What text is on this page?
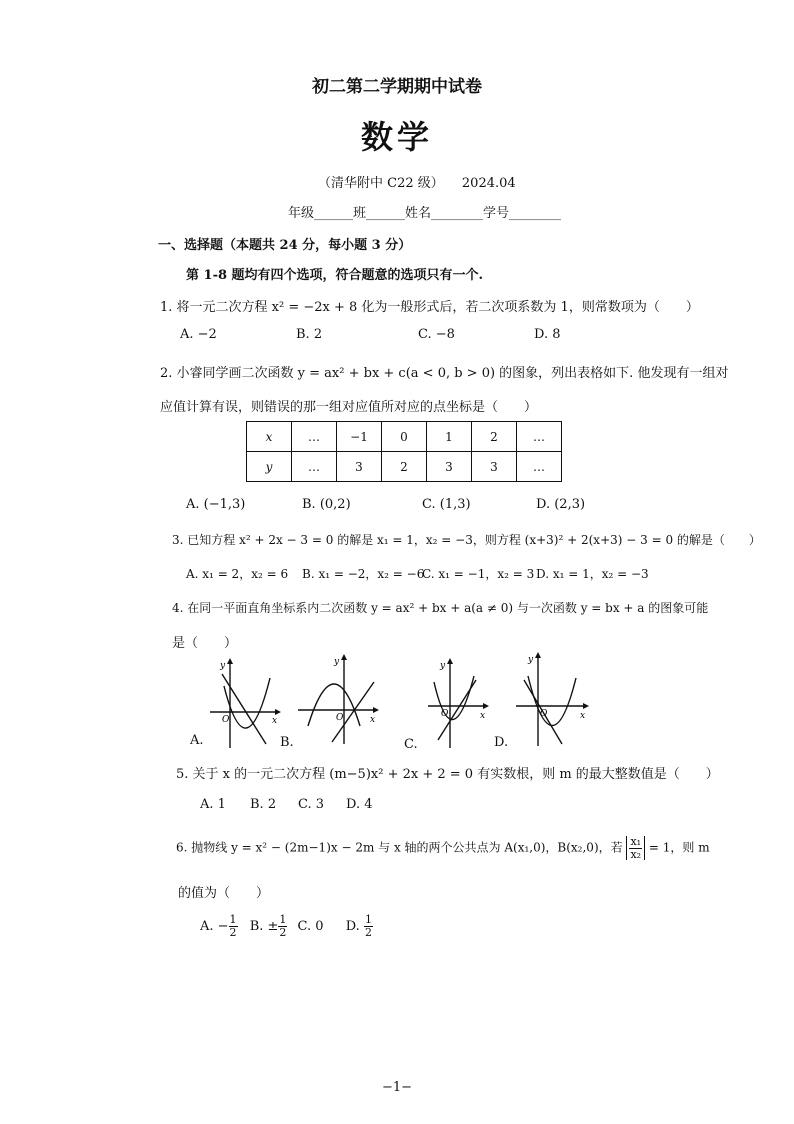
初二第二学期期中试卷
数学
（清华附中 C22 级） 2024.04
年级______班______姓名________学号________
一、选择题（本题共 24 分，每小题 3 分）
第 1-8 题均有四个选项，符合题意的选项只有一个.
1. 将一元二次方程 x² = −2x + 8 化为一般形式后，若二次项系数为 1，则常数项为（　　）
A. −2	B. 2	C. −8	D. 8
2. 小睿同学画二次函数 y = ax² + bx + c(a < 0, b > 0) 的图象，列出表格如下. 他发现有一组对
应值计算有误，则错误的那一组对应值所对应的点坐标是（　　）
x	…	−1	0	1	2	…
y	…	3	2	3	3	…
A. (−1,3)	B. (0,2)	C. (1,3)	D. (2,3)
3. 已知方程 x² + 2x − 3 = 0 的解是 x₁ = 1，x₂ = −3，则方程 (x+3)² + 2(x+3) − 3 = 0 的解是（　　）
A. x₁ = 2，x₂ = 6 B. x₁ = −2，x₂ = −6
C. x₁ = −1，x₂ = 3 D. x₁ = 1，x₂ = −3
4. 在同一平面直角坐标系内二次函数 y = ax² + bx + a(a ≠ 0) 与一次函数 y = bx + a 的图象可能
是（　　）
y
x
O
A.
y
x
O
B.
y
x
O
C.
y
x
O
D.
5. 关于 x 的一元二次方程 (m−5)x² + 2x + 2 = 0 有实数根，则 m 的最大整数值是（　　）
A. 1 B. 2 C. 3 D. 4
6. 抛物线 y = x² − (2m−1)x − 2m 与 x 轴的两个公共点为 A(x₁,0)，B(x₂,0)，若 $\frac{\text{x₁}}{\text{x₂}} = 1$，则 m
的值为（　　）
A. − $\frac{1}{2} B$. ± $\frac{1}{2} C$. 0 D. $\frac{1}{2}$
−1−
